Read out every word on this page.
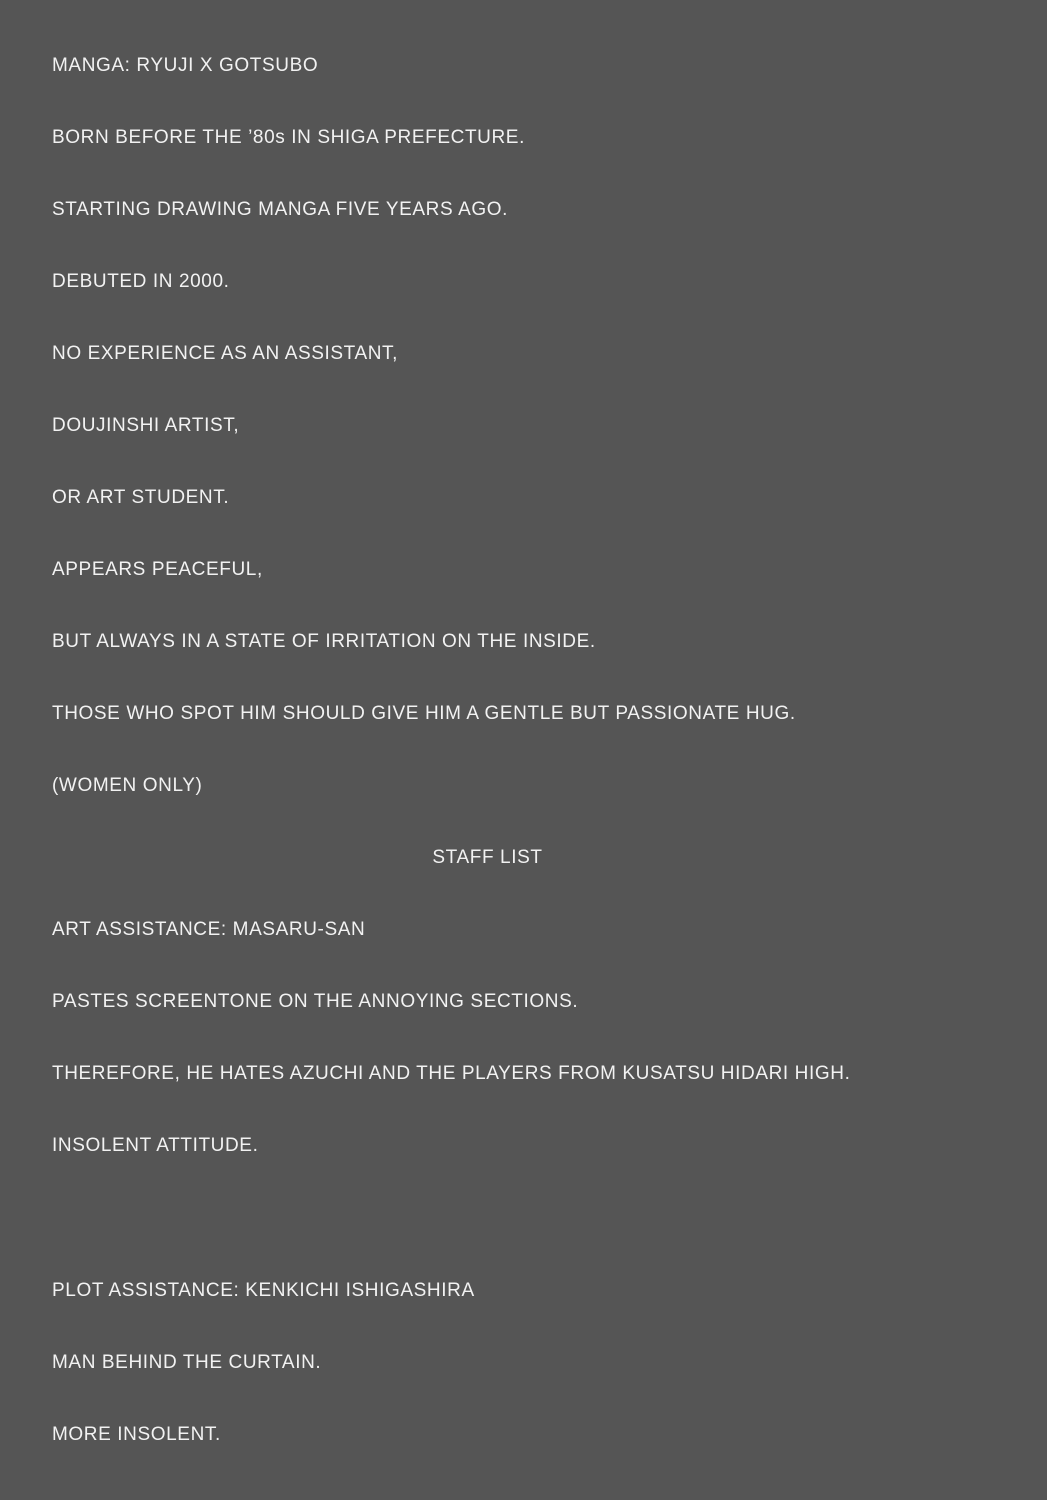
MANGA: RYUJI X GOTSUBO

BORN BEFORE THE ’80s IN SHIGA PREFECTURE.

STARTING DRAWING MANGA FIVE YEARS AGO.

DEBUTED IN 2000.

NO EXPERIENCE AS AN ASSISTANT,

DOUJINSHI ARTIST,

OR ART STUDENT.

APPEARS PEACEFUL,

BUT ALWAYS IN A STATE OF IRRITATION ON THE INSIDE.

THOSE WHO SPOT HIM SHOULD GIVE HIM A GENTLE BUT PASSIONATE HUG.

(WOMEN ONLY)

STAFF LIST

ART ASSISTANCE: MASARU-SAN

PASTES SCREENTONE ON THE ANNOYING SECTIONS.

THEREFORE, HE HATES AZUCHI AND THE PLAYERS FROM KUSATSU HIDARI HIGH.

INSOLENT ATTITUDE.

PLOT ASSISTANCE: KENKICHI ISHIGASHIRA

MAN BEHIND THE CURTAIN.

MORE INSOLENT.
